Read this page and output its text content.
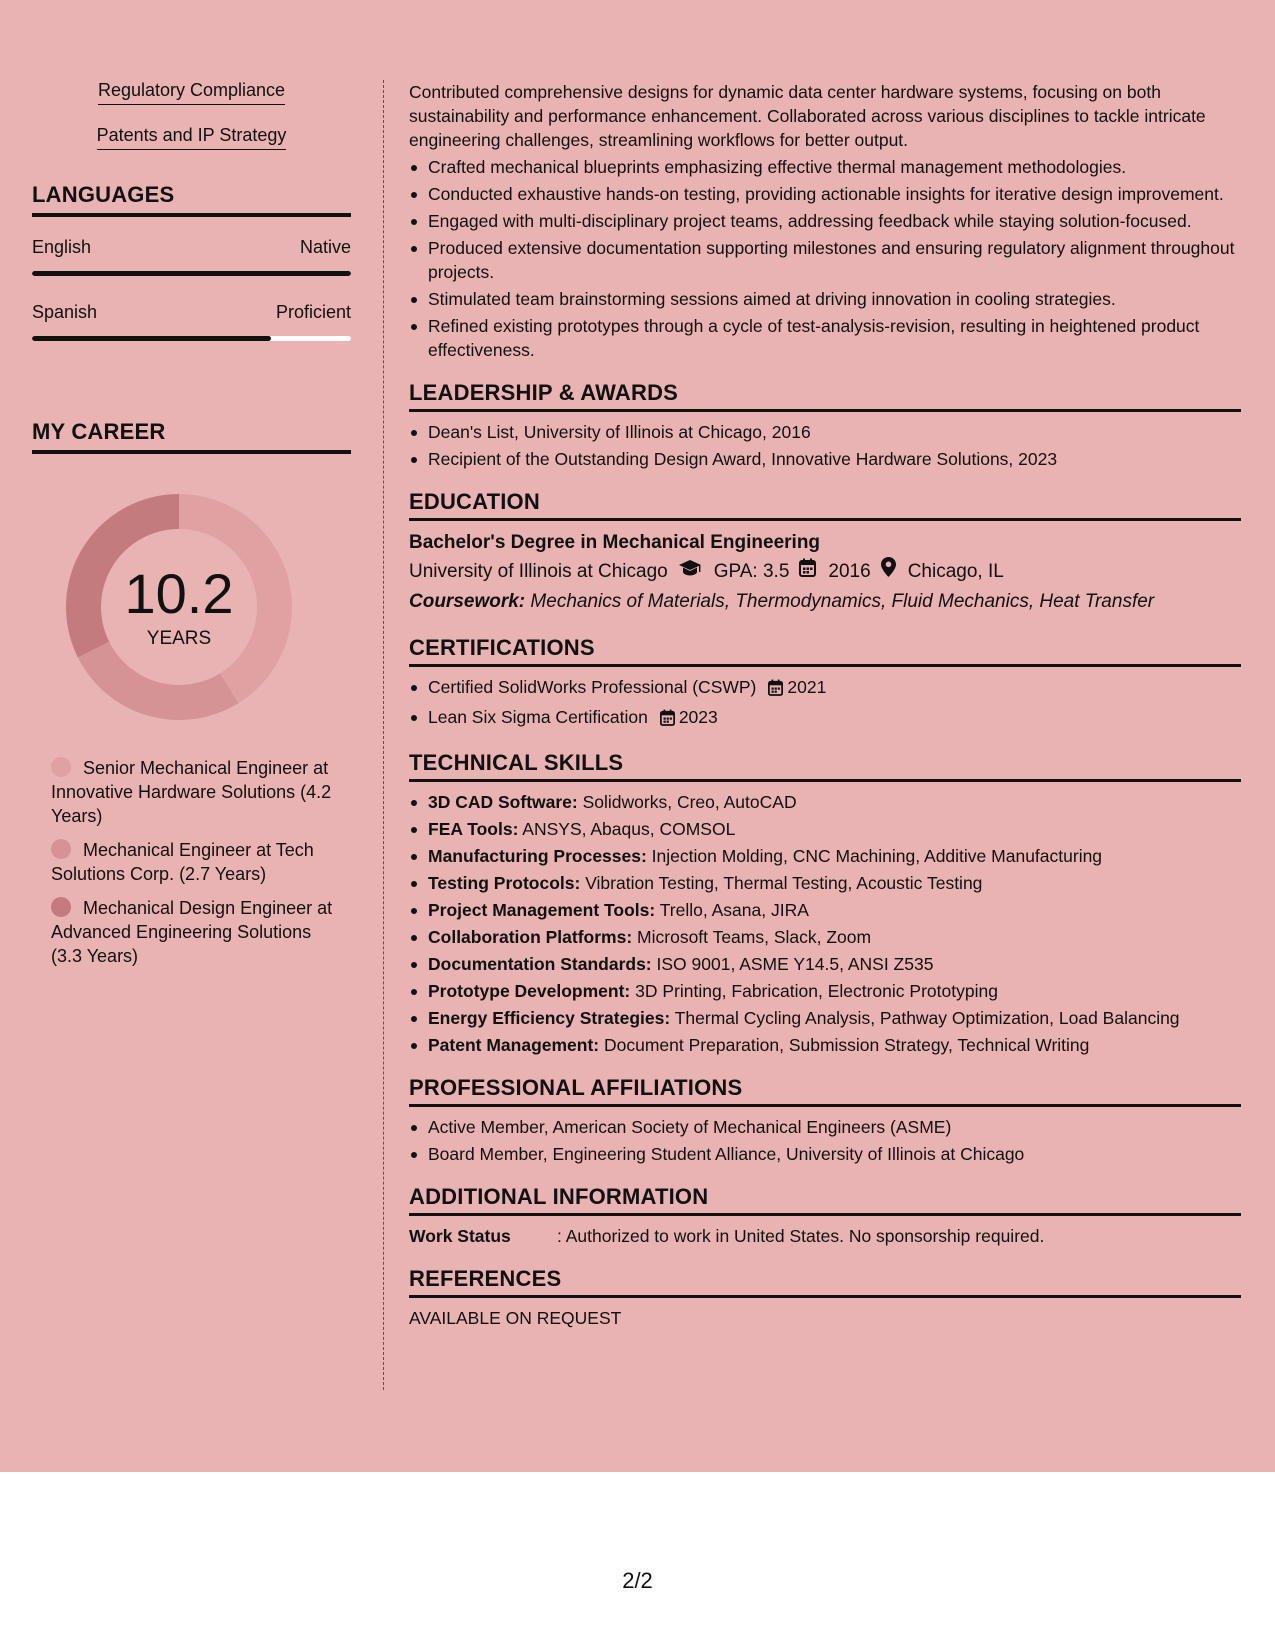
Regulatory Compliance
Patents and IP Strategy
LANGUAGES
English	Native
Spanish	Proficient
MY CAREER
10.2
YEARS
Senior Mechanical Engineer at Innovative Hardware Solutions (4.2 Years)
Mechanical Engineer at Tech Solutions Corp. (2.7 Years)
Mechanical Design Engineer at Advanced Engineering Solutions (3.3 Years)

Contributed comprehensive designs for dynamic data center hardware systems, focusing on both sustainability and performance enhancement. Collaborated across various disciplines to tackle intricate engineering challenges, streamlining workflows for better output.

Crafted mechanical blueprints emphasizing effective thermal management methodologies.
Conducted exhaustive hands-on testing, providing actionable insights for iterative design improvement.
Engaged with multi-disciplinary project teams, addressing feedback while staying solution-focused.
Produced extensive documentation supporting milestones and ensuring regulatory alignment throughout projects.
Stimulated team brainstorming sessions aimed at driving innovation in cooling strategies.
Refined existing prototypes through a cycle of test-analysis-revision, resulting in heightened product effectiveness.
LEADERSHIP & AWARDS
Dean's List, University of Illinois at Chicago, 2016
Recipient of the Outstanding Design Award, Innovative Hardware Solutions, 2023
EDUCATION
Bachelor's Degree in Mechanical Engineering
University of Illinois at Chicago GPA: 3.5 2016 Chicago, IL
Coursework: Mechanics of Materials, Thermodynamics, Fluid Mechanics, Heat Transfer
CERTIFICATIONS
Certified SolidWorks Professional (CSWP) 2021
Lean Six Sigma Certification 2023
TECHNICAL SKILLS
3D CAD Software: Solidworks, Creo, AutoCAD
FEA Tools: ANSYS, Abaqus, COMSOL
Manufacturing Processes: Injection Molding, CNC Machining, Additive Manufacturing
Testing Protocols: Vibration Testing, Thermal Testing, Acoustic Testing
Project Management Tools: Trello, Asana, JIRA
Collaboration Platforms: Microsoft Teams, Slack, Zoom
Documentation Standards: ISO 9001, ASME Y14.5, ANSI Z535
Prototype Development: 3D Printing, Fabrication, Electronic Prototyping
Energy Efficiency Strategies: Thermal Cycling Analysis, Pathway Optimization, Load Balancing
Patent Management: Document Preparation, Submission Strategy, Technical Writing
PROFESSIONAL AFFILIATIONS
Active Member, American Society of Mechanical Engineers (ASME)
Board Member, Engineering Student Alliance, University of Illinois at Chicago
ADDITIONAL INFORMATION
Work Status	: Authorized to work in United States. No sponsorship required.
REFERENCES
AVAILABLE ON REQUEST
2/2
